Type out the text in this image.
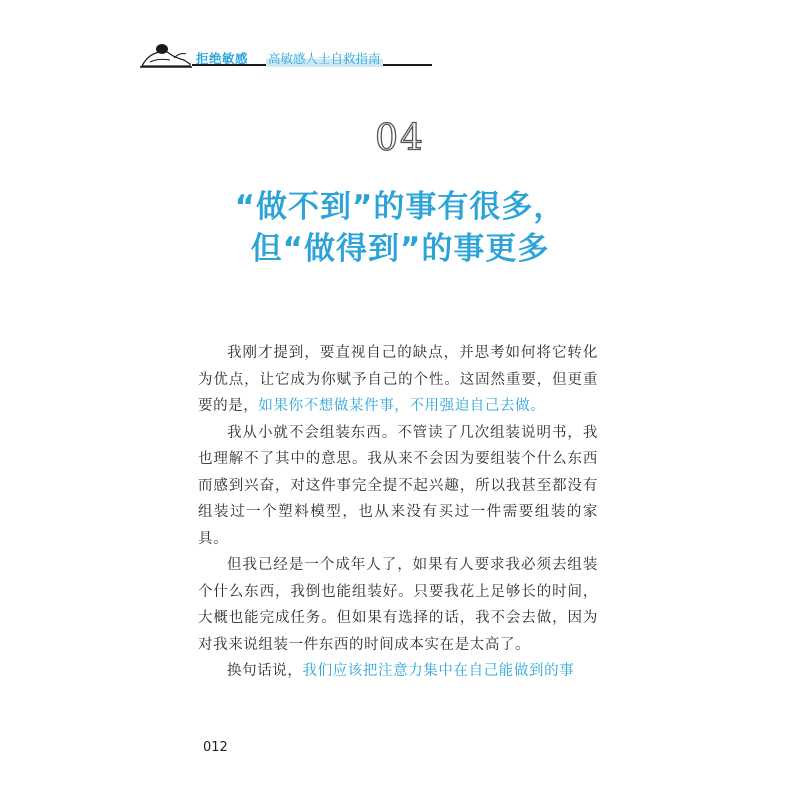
拒绝敏感 高敏感人士自救指南
04
“做不到”的事有很多，
但“做得到”的事更多

我刚才提到，要直视自己的缺点，并思考如何将它转化为优点，让它成为你赋予自己的个性。这固然重要，但更重要的是，如果你不想做某件事，不用强迫自己去做。

我从小就不会组装东西。不管读了几次组装说明书，我也理解不了其中的意思。我从来不会因为要组装个什么东西而感到兴奋，对这件事完全提不起兴趣，所以我甚至都没有组装过一个塑料模型，也从来没有买过一件需要组装的家具。

但我已经是一个成年人了，如果有人要求我必须去组装个什么东西，我倒也能组装好。只要我花上足够长的时间，大概也能完成任务。但如果有选择的话，我不会去做，因为对我来说组装一件东西的时间成本实在是太高了。

换句话说，我们应该把注意力集中在自己能做到的事

012
